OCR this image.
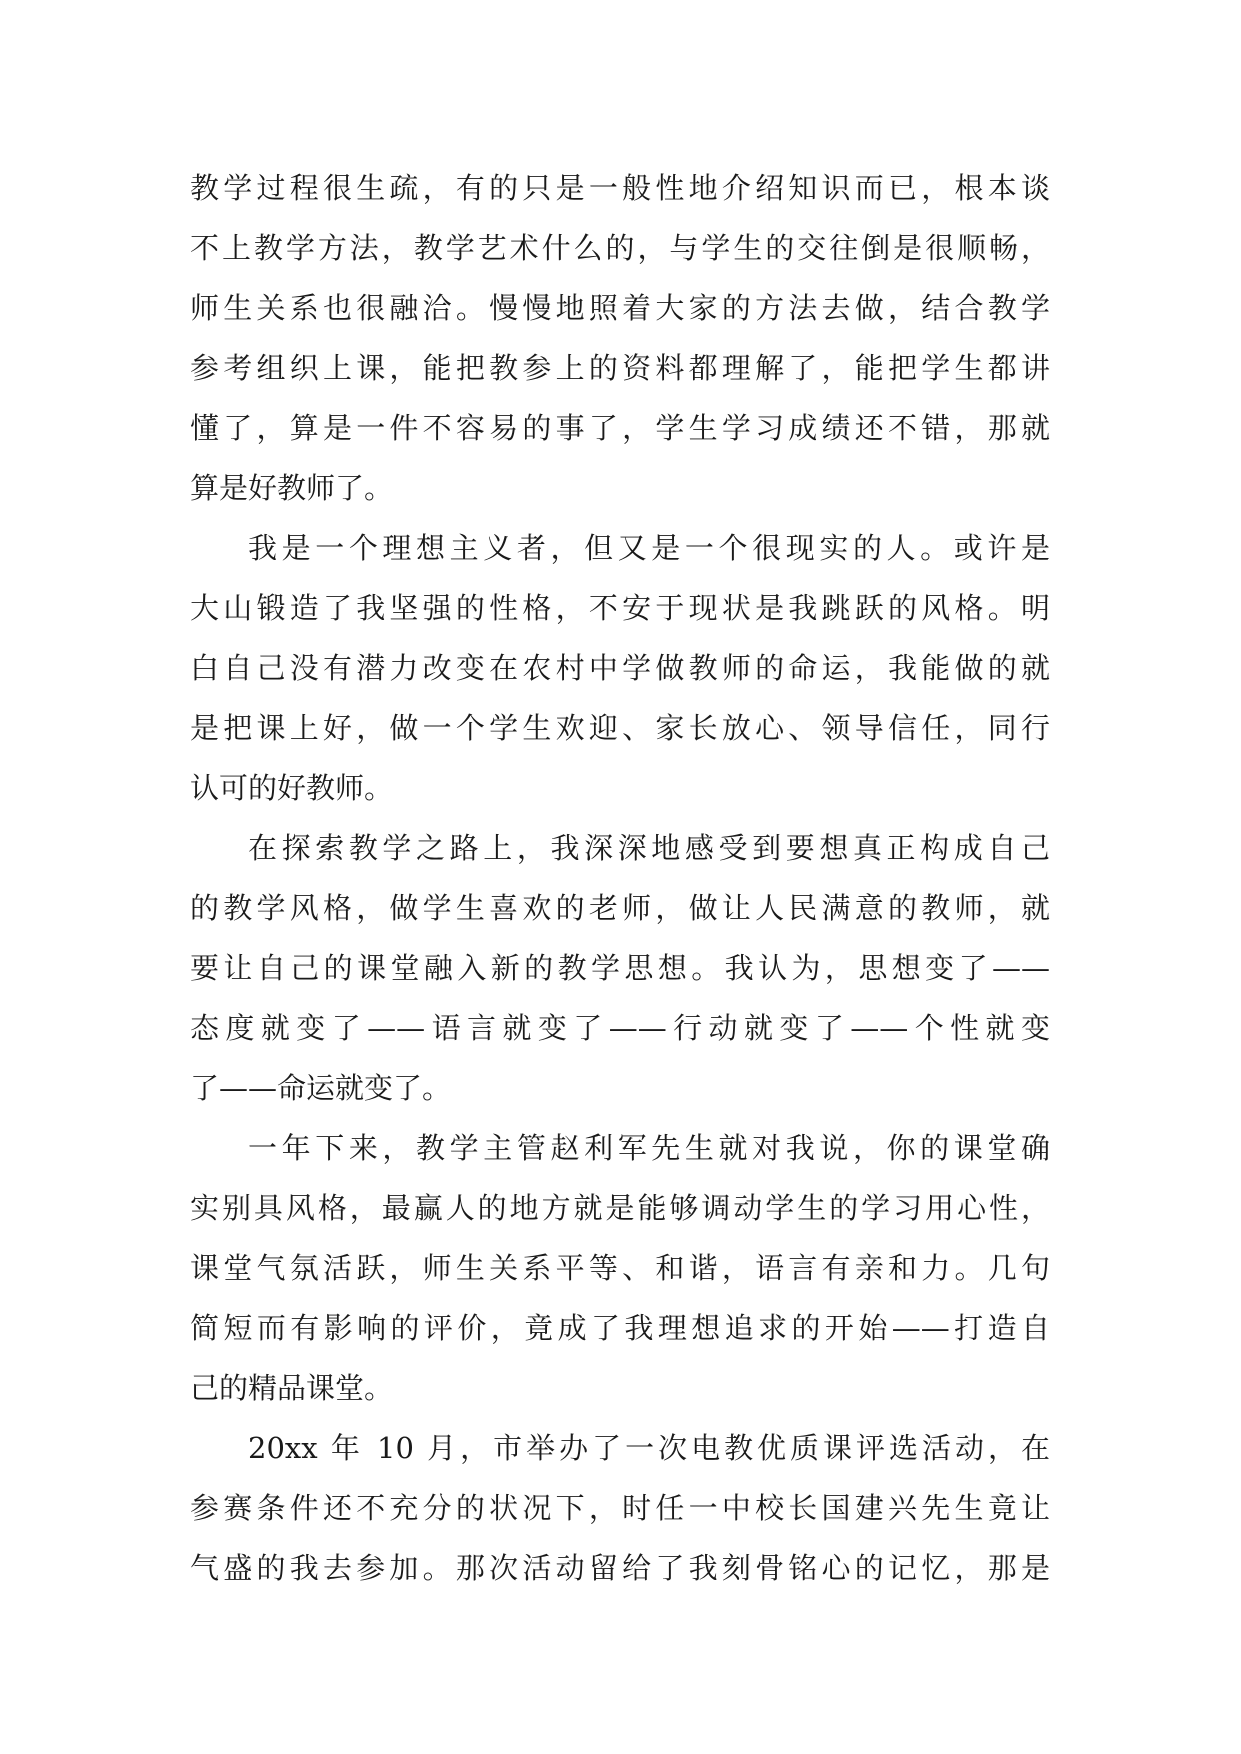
教学过程很生疏，有的只是一般性地介绍知识而已，根本谈
不上教学方法，教学艺术什么的，与学生的交往倒是很顺畅，
师生关系也很融洽。慢慢地照着大家的方法去做，结合教学
参考组织上课，能把教参上的资料都理解了，能把学生都讲
懂了，算是一件不容易的事了，学生学习成绩还不错，那就
算是好教师了。
我是一个理想主义者，但又是一个很现实的人。或许是
大山锻造了我坚强的性格，不安于现状是我跳跃的风格。明
白自己没有潜力改变在农村中学做教师的命运，我能做的就
是把课上好，做一个学生欢迎、家长放心、领导信任，同行
认可的好教师。
在探索教学之路上，我深深地感受到要想真正构成自己
的教学风格，做学生喜欢的老师，做让人民满意的教师，就
要让自己的课堂融入新的教学思想。我认为，思想变了——
态度就变了——语言就变了——行动就变了——个性就变
了——命运就变了。
一年下来，教学主管赵利军先生就对我说，你的课堂确
实别具风格，最赢人的地方就是能够调动学生的学习用心性，
课堂气氛活跃，师生关系平等、和谐，语言有亲和力。几句
简短而有影响的评价，竟成了我理想追求的开始——打造自
己的精品课堂。
20xx 年 10 月，市举办了一次电教优质课评选活动，在
参赛条件还不充分的状况下，时任一中校长国建兴先生竟让
气盛的我去参加。那次活动留给了我刻骨铭心的记忆，那是
